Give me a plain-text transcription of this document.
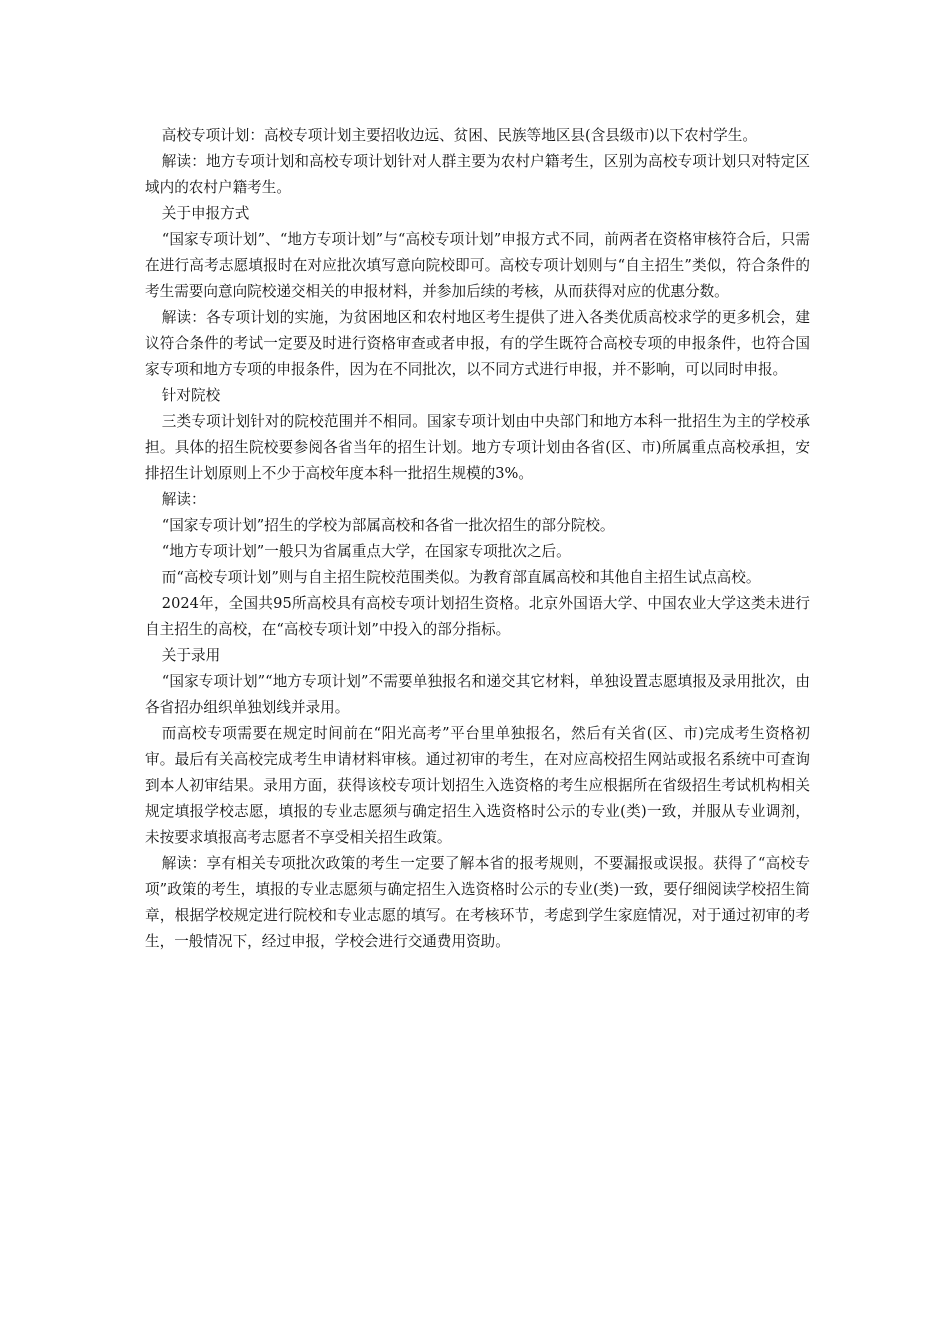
高校专项计划：高校专项计划主要招收边远、贫困、民族等地区县(含县级市)以下农村学生。

解读：地方专项计划和高校专项计划针对人群主要为农村户籍考生，区别为高校专项计划只对特定区域内的农村户籍考生。

关于申报方式

“国家专项计划”、“地方专项计划”与“高校专项计划”申报方式不同，前两者在资格审核符合后，只需在进行高考志愿填报时在对应批次填写意向院校即可。高校专项计划则与“自主招生”类似，符合条件的考生需要向意向院校递交相关的申报材料，并参加后续的考核，从而获得对应的优惠分数。

解读：各专项计划的实施，为贫困地区和农村地区考生提供了进入各类优质高校求学的更多机会，建议符合条件的考试一定要及时进行资格审查或者申报，有的学生既符合高校专项的申报条件，也符合国家专项和地方专项的申报条件，因为在不同批次，以不同方式进行申报，并不影响，可以同时申报。

针对院校

三类专项计划针对的院校范围并不相同。国家专项计划由中央部门和地方本科一批招生为主的学校承担。具体的招生院校要参阅各省当年的招生计划。地方专项计划由各省(区、市)所属重点高校承担，安排招生计划原则上不少于高校年度本科一批招生规模的3%。

解读：

“国家专项计划”招生的学校为部属高校和各省一批次招生的部分院校。

“地方专项计划”一般只为省属重点大学，在国家专项批次之后。

而“高校专项计划”则与自主招生院校范围类似。为教育部直属高校和其他自主招生试点高校。

2024年，全国共95所高校具有高校专项计划招生资格。北京外国语大学、中国农业大学这类未进行自主招生的高校，在“高校专项计划”中投入的部分指标。

关于录用

“国家专项计划”“地方专项计划”不需要单独报名和递交其它材料，单独设置志愿填报及录用批次，由各省招办组织单独划线并录用。

而高校专项需要在规定时间前在“阳光高考”平台里单独报名，然后有关省(区、市)完成考生资格初审。最后有关高校完成考生申请材料审核。通过初审的考生，在对应高校招生网站或报名系统中可查询到本人初审结果。录用方面，获得该校专项计划招生入选资格的考生应根据所在省级招生考试机构相关规定填报学校志愿，填报的专业志愿须与确定招生入选资格时公示的专业(类)一致，并服从专业调剂，未按要求填报高考志愿者不享受相关招生政策。

解读：享有相关专项批次政策的考生一定要了解本省的报考规则，不要漏报或误报。获得了“高校专项”政策的考生，填报的专业志愿须与确定招生入选资格时公示的专业(类)一致，要仔细阅读学校招生简章，根据学校规定进行院校和专业志愿的填写。在考核环节，考虑到学生家庭情况，对于通过初审的考生，一般情况下，经过申报，学校会进行交通费用资助。
